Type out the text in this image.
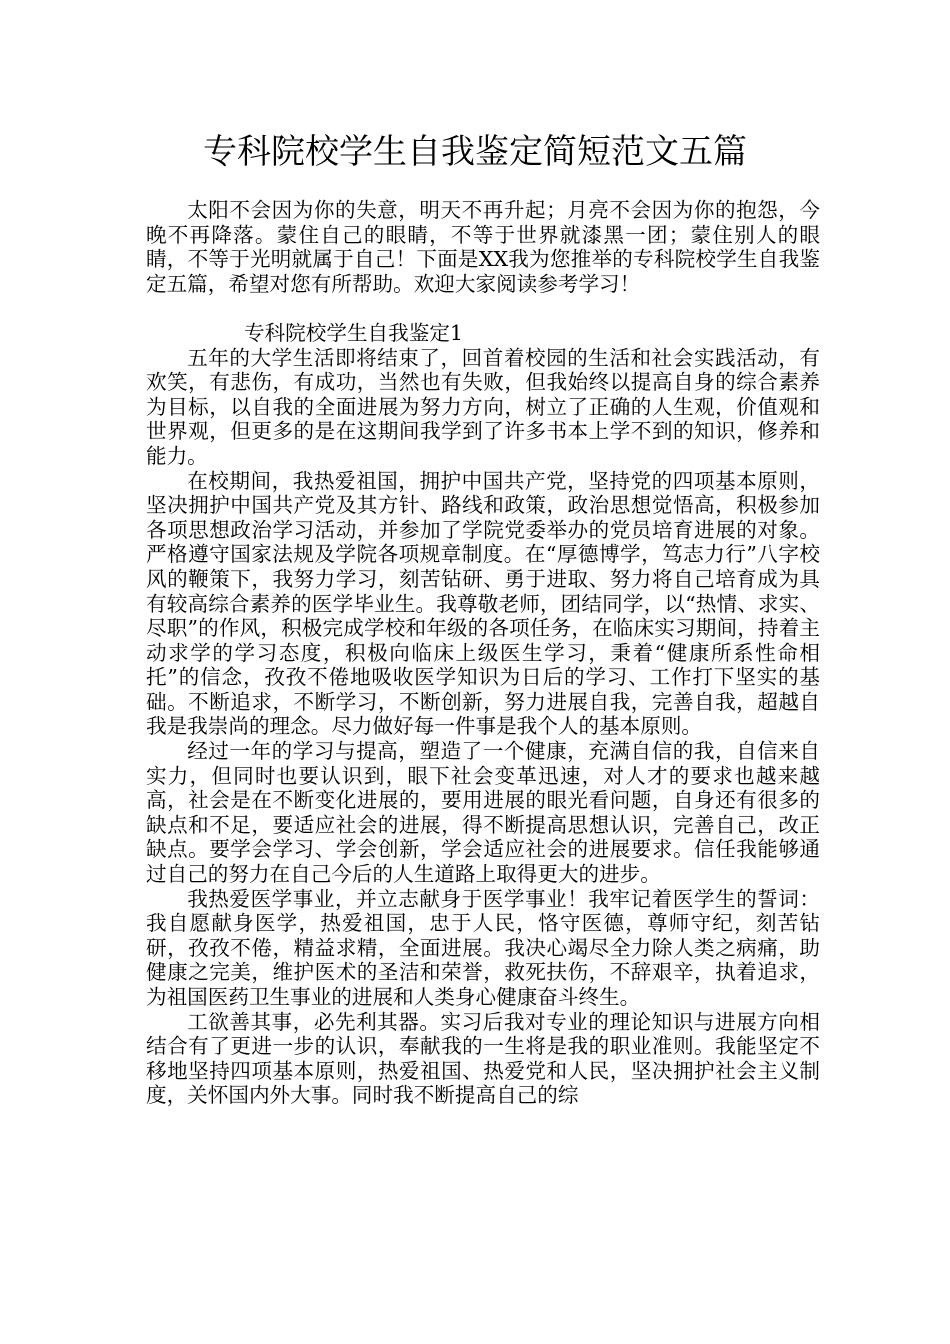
专科院校学生自我鉴定简短范文五篇

太阳不会因为你的失意，明天不再升起；月亮不会因为你的抱怨，今晚不再降落。蒙住自己的眼睛，不等于世界就漆黑一团；蒙住别人的眼睛，不等于光明就属于自己！下面是XX我为您推举的专科院校学生自我鉴定五篇，希望对您有所帮助。欢迎大家阅读参考学习！

专科院校学生自我鉴定1

五年的大学生活即将结束了，回首着校园的生活和社会实践活动，有欢笑，有悲伤，有成功，当然也有失败，但我始终以提高自身的综合素养为目标，以自我的全面进展为努力方向，树立了正确的人生观，价值观和世界观，但更多的是在这期间我学到了许多书本上学不到的知识，修养和能力。

在校期间，我热爱祖国，拥护中国共产党，坚持党的四项基本原则，坚决拥护中国共产党及其方针、路线和政策，政治思想觉悟高，积极参加各项思想政治学习活动，并参加了学院党委举办的党员培育进展的对象。严格遵守国家法规及学院各项规章制度。在“厚德博学，笃志力行”八字校风的鞭策下，我努力学习，刻苦钻研、勇于进取、努力将自己培育成为具有较高综合素养的医学毕业生。我尊敬老师，团结同学，以“热情、求实、尽职”的作风，积极完成学校和年级的各项任务，在临床实习期间，持着主动求学的学习态度，积极向临床上级医生学习，秉着“健康所系性命相托”的信念，孜孜不倦地吸收医学知识为日后的学习、工作打下坚实的基础。不断追求，不断学习，不断创新，努力进展自我，完善自我，超越自我是我崇尚的理念。尽力做好每一件事是我个人的基本原则。

经过一年的学习与提高，塑造了一个健康，充满自信的我，自信来自实力，但同时也要认识到，眼下社会变革迅速，对人才的要求也越来越高，社会是在不断变化进展的，要用进展的眼光看问题，自身还有很多的缺点和不足，要适应社会的进展，得不断提高思想认识，完善自己，改正缺点。要学会学习、学会创新，学会适应社会的进展要求。信任我能够通过自己的努力在自己今后的人生道路上取得更大的进步。

我热爱医学事业，并立志献身于医学事业！我牢记着医学生的誓词：我自愿献身医学，热爱祖国，忠于人民，恪守医德，尊师守纪，刻苦钻研，孜孜不倦，精益求精，全面进展。我决心竭尽全力除人类之病痛，助健康之完美，维护医术的圣洁和荣誉，救死扶伤，不辞艰辛，执着追求，为祖国医药卫生事业的进展和人类身心健康奋斗终生。

工欲善其事，必先利其器。实习后我对专业的理论知识与进展方向相结合有了更进一步的认识，奉献我的一生将是我的职业准则。我能坚定不移地坚持四项基本原则，热爱祖国、热爱党和人民，坚决拥护社会主义制度，关怀国内外大事。同时我不断提高自己的综
